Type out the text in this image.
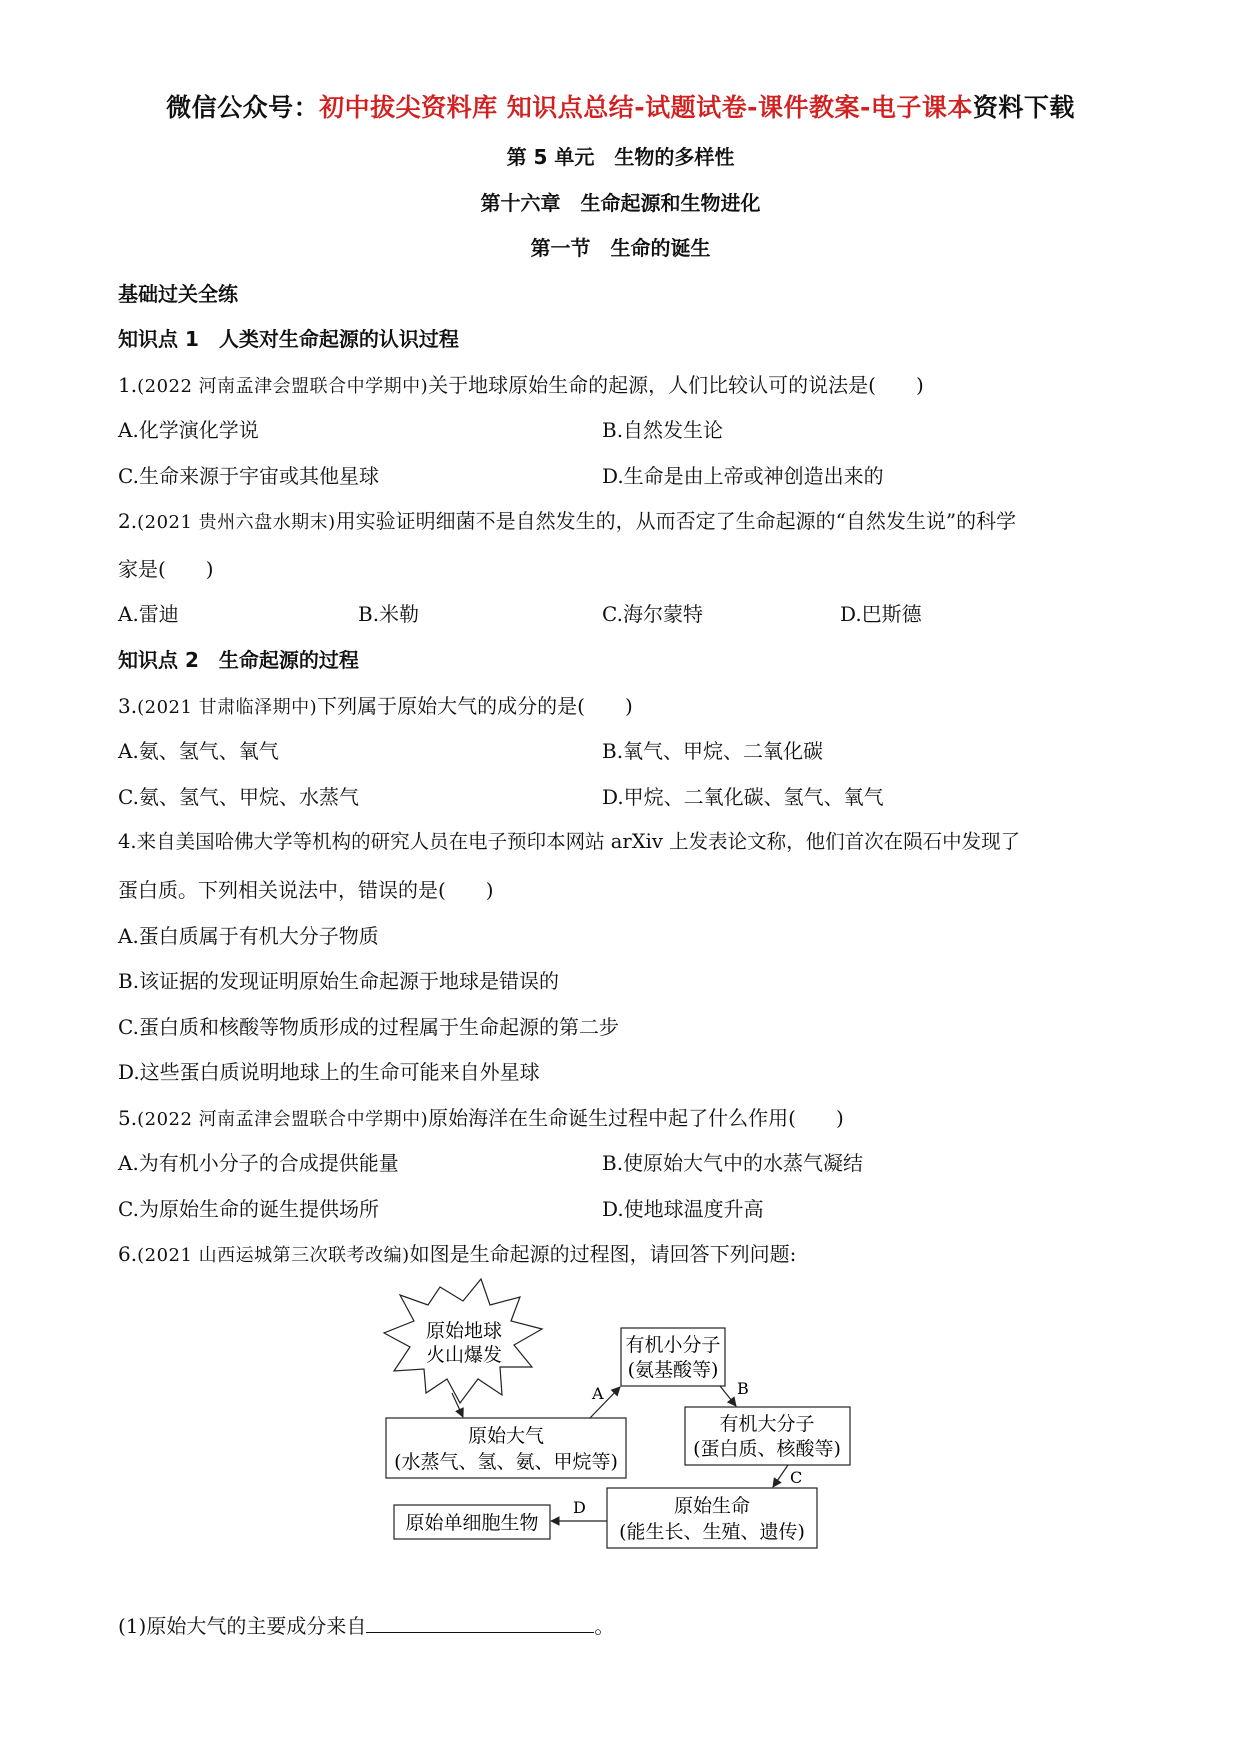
微信公众号：初中拔尖资料库 知识点总结-试题试卷-课件教案-电子课本资料下载
第 5 单元　生物的多样性
第十六章　生命起源和生物进化
第一节　生命的诞生
基础过关全练
知识点 1　人类对生命起源的认识过程
1.(2022 河南孟津会盟联合中学期中)关于地球原始生命的起源，人们比较认可的说法是(　　)
A.化学演化学说	B.自然发生论
C.生命来源于宇宙或其他星球	D.生命是由上帝或神创造出来的
2.(2021 贵州六盘水期末)用实验证明细菌不是自然发生的，从而否定了生命起源的“自然发生说”的科学
家是(　　)
A.雷迪	B.米勒	C.海尔蒙特	D.巴斯德
知识点 2　生命起源的过程
3.(2021 甘肃临泽期中)下列属于原始大气的成分的是(　　)
A.氨、氢气、氧气	B.氧气、甲烷、二氧化碳
C.氨、氢气、甲烷、水蒸气	D.甲烷、二氧化碳、氢气、氧气
4.来自美国哈佛大学等机构的研究人员在电子预印本网站 arXiv 上发表论文称，他们首次在陨石中发现了
蛋白质。下列相关说法中，错误的是(　　)
A.蛋白质属于有机大分子物质
B.该证据的发现证明原始生命起源于地球是错误的
C.蛋白质和核酸等物质形成的过程属于生命起源的第二步
D.这些蛋白质说明地球上的生命可能来自外星球
5.(2022 河南孟津会盟联合中学期中)原始海洋在生命诞生过程中起了什么作用(　　)
A.为有机小分子的合成提供能量	B.使原始大气中的水蒸气凝结
C.为原始生命的诞生提供场所	D.使地球温度升高
6.(2021 山西运城第三次联考改编)如图是生命起源的过程图，请回答下列问题:
原始地球
火山爆发
原始大气
(水蒸气、氢、氨、甲烷等)
A
有机小分子
(氨基酸等)
B
有机大分子
(蛋白质、核酸等)
C
原始生命
(能生长、生殖、遗传)
D
原始单细胞生物
(1)原始大气的主要成分来自	。
